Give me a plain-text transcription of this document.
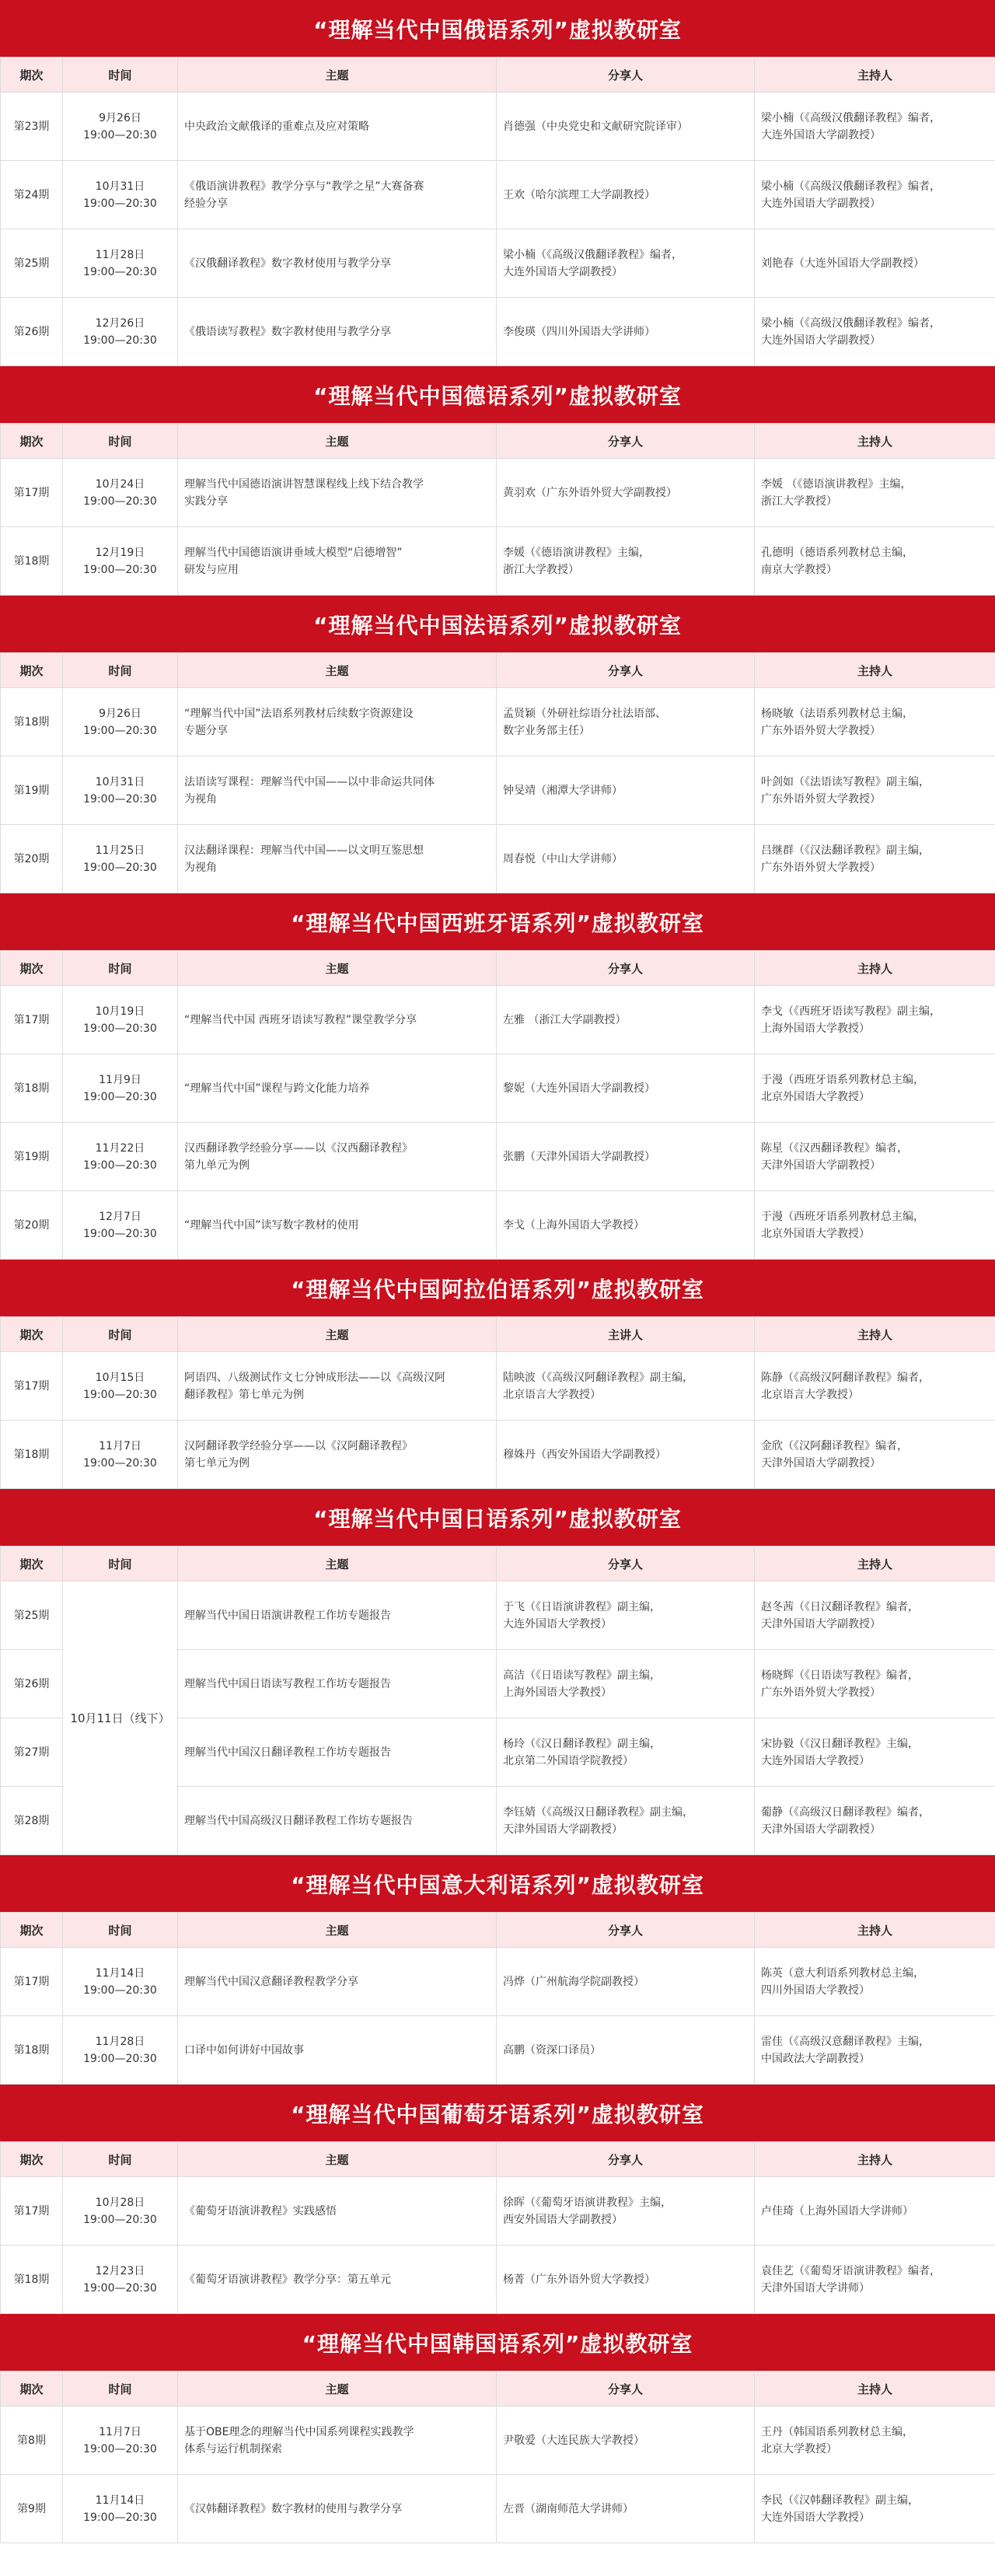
“理解当代中国俄语系列”虚拟教研室
期次	时间	主题	分享人	主持人
第23期	9月26日
19:00—20:30	中央政治文献俄译的重难点及应对策略	肖德强（中央党史和文献研究院译审）	梁小楠（《高级汉俄翻译教程》编者，
大连外国语大学副教授）

第24期	10月31日
19:00—20:30	《俄语演讲教程》教学分享与“教学之星”大赛备赛
经验分享	王欢（哈尔滨理工大学副教授）	梁小楠（《高级汉俄翻译教程》编者，
大连外国语大学副教授）

第25期	11月28日
19:00—20:30	《汉俄翻译教程》数字教材使用与教学分享	梁小楠（《高级汉俄翻译教程》编者，
大连外国语大学副教授）	刘艳春（大连外国语大学副教授）

第26期	12月26日
19:00—20:30	《俄语读写教程》数字教材使用与教学分享	李俊瑛（四川外国语大学讲师）	梁小楠（《高级汉俄翻译教程》编者，
大连外国语大学副教授）
“理解当代中国德语系列”虚拟教研室
期次	时间	主题	分享人	主持人
第17期	10月24日
19:00—20:30	理解当代中国德语演讲智慧课程线上线下结合教学
实践分享	黄羽欢（广东外语外贸大学副教授）	李媛 （《德语演讲教程》主编，
浙江大学教授）

第18期	12月19日
19:00—20:30	理解当代中国德语演讲垂域大模型“启德增智”
研发与应用	李媛（《德语演讲教程》主编，
浙江大学教授）	孔德明（德语系列教材总主编，
南京大学教授）
“理解当代中国法语系列”虚拟教研室
期次	时间	主题	分享人	主持人
第18期	9月26日
19:00—20:30	“理解当代中国”法语系列教材后续数字资源建设
专题分享	孟贤颖（外研社综语分社法语部、
数字业务部主任）	杨晓敏（法语系列教材总主编，
广东外语外贸大学教授）

第19期	10月31日
19:00—20:30	法语读写课程：理解当代中国——以中非命运共同体
为视角	钟旻靖（湘潭大学讲师）	叶剑如（《法语读写教程》副主编，
广东外语外贸大学教授）

第20期	11月25日
19:00—20:30	汉法翻译课程：理解当代中国——以文明互鉴思想
为视角	周春悦（中山大学讲师）	吕继群（《汉法翻译教程》副主编，
广东外语外贸大学教授）
“理解当代中国西班牙语系列”虚拟教研室
期次	时间	主题	分享人	主持人
第17期	10月19日
19:00—20:30	“理解当代中国 西班牙语读写教程”课堂教学分享	左雅 （浙江大学副教授）	李戈（《西班牙语读写教程》副主编，
上海外国语大学教授）

第18期	11月9日
19:00—20:30	“理解当代中国”课程与跨文化能力培养	黎妮（大连外国语大学副教授）	于漫（西班牙语系列教材总主编，
北京外国语大学教授）

第19期	11月22日
19:00—20:30	汉西翻译教学经验分享——以《汉西翻译教程》
第九单元为例	张鹏（天津外国语大学副教授）	陈星（《汉西翻译教程》编者，
天津外国语大学副教授）

第20期	12月7日
19:00—20:30	“理解当代中国”读写数字教材的使用	李戈（上海外国语大学教授）	于漫（西班牙语系列教材总主编，
北京外国语大学教授）
“理解当代中国阿拉伯语系列”虚拟教研室
期次	时间	主题	主讲人	主持人
第17期	10月15日
19:00—20:30	阿语四、八级测试作文七分钟成形法——以《高级汉阿
翻译教程》第七单元为例	陆映波（《高级汉阿翻译教程》副主编，
北京语言大学教授）	陈静（《高级汉阿翻译教程》编者，
北京语言大学教授）

第18期	11月7日
19:00—20:30	汉阿翻译教学经验分享——以《汉阿翻译教程》
第七单元为例	穆姝丹（西安外国语大学副教授）	金欣（《汉阿翻译教程》编者，
天津外国语大学副教授）
“理解当代中国日语系列”虚拟教研室
期次	时间	主题	分享人	主持人
第25期	10月11日（线下）	理解当代中国日语演讲教程工作坊专题报告	于飞（《日语演讲教程》副主编，
大连外国语大学教授）	赵冬茜（《日汉翻译教程》编者，
天津外国语大学副教授）

第26期		理解当代中国日语读写教程工作坊专题报告	高洁（《日语读写教程》副主编，
上海外国语大学教授）	杨晓辉（《日语读写教程》编者，
广东外语外贸大学教授）

第27期		理解当代中国汉日翻译教程工作坊专题报告	杨玲（《汉日翻译教程》副主编，
北京第二外国语学院教授）	宋协毅（《汉日翻译教程》主编，
大连外国语大学教授）

第28期		理解当代中国高级汉日翻译教程工作坊专题报告	李钰婧（《高级汉日翻译教程》副主编，
天津外国语大学副教授）	葡静（《高级汉日翻译教程》编者，
天津外国语大学副教授）
“理解当代中国意大利语系列”虚拟教研室
期次	时间	主题	分享人	主持人
第17期	11月14日
19:00—20:30	理解当代中国汉意翻译教程教学分享	冯烨（广州航海学院副教授）	陈英（意大利语系列教材总主编，
四川外国语大学教授）

第18期	11月28日
19:00—20:30	口译中如何讲好中国故事	高鹏（资深口译员）	雷佳（《高级汉意翻译教程》主编，
中国政法大学副教授）
“理解当代中国葡萄牙语系列”虚拟教研室
期次	时间	主题	分享人	主持人
第17期	10月28日
19:00—20:30	《葡萄牙语演讲教程》实践感悟	徐晖（《葡萄牙语演讲教程》主编，
西安外国语大学副教授）	卢佳琦（上海外国语大学讲师）

第18期	12月23日
19:00—20:30	《葡萄牙语演讲教程》教学分享：第五单元	杨菁（广东外语外贸大学教授）	袁佳艺（《葡萄牙语演讲教程》编者，
天津外国语大学讲师）
“理解当代中国韩国语系列”虚拟教研室
期次	时间	主题	分享人	主持人
第8期	11月7日
19:00—20:30	基于OBE理念的理解当代中国系列课程实践教学
体系与运行机制探索	尹敬爱（大连民族大学教授）	王丹（韩国语系列教材总主编，
北京大学教授）

第9期	11月14日
19:00—20:30	《汉韩翻译教程》数字教材的使用与教学分享	左晋（湖南师范大学讲师）	李民（《汉韩翻译教程》副主编，
大连外国语大学教授）
